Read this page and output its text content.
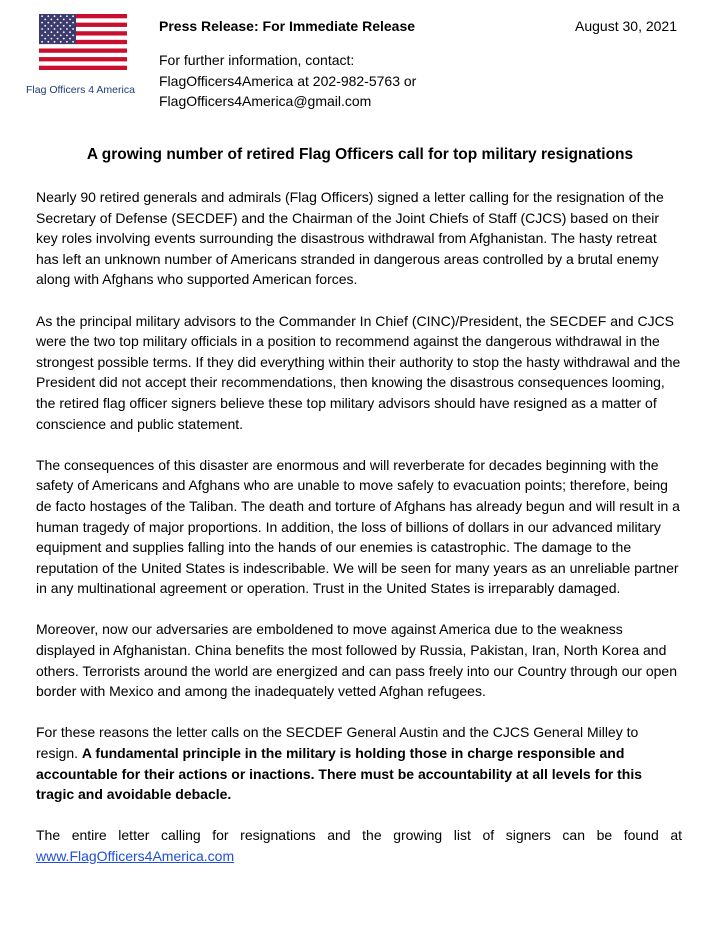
Flag Officers 4 America
Press Release: For Immediate Release	August 30, 2021
For further information, contact:
FlagOfficers4America at 202-982-5763 or
FlagOfficers4America@gmail.com
A growing number of retired Flag Officers call for top military resignations

Nearly 90 retired generals and admirals (Flag Officers) signed a letter calling for the resignation of the Secretary of Defense (SECDEF) and the Chairman of the Joint Chiefs of Staff (CJCS) based on their key roles involving events surrounding the disastrous withdrawal from Afghanistan. The hasty retreat has left an unknown number of Americans stranded in dangerous areas controlled by a brutal enemy along with Afghans who supported American forces.

As the principal military advisors to the Commander In Chief (CINC)/President, the SECDEF and CJCS were the two top military officials in a position to recommend against the dangerous withdrawal in the strongest possible terms. If they did everything within their authority to stop the hasty withdrawal and the President did not accept their recommendations, then knowing the disastrous consequences looming, the retired flag officer signers believe these top military advisors should have resigned as a matter of conscience and public statement.

The consequences of this disaster are enormous and will reverberate for decades beginning with the safety of Americans and Afghans who are unable to move safely to evacuation points; therefore, being de facto hostages of the Taliban. The death and torture of Afghans has already begun and will result in a human tragedy of major proportions. In addition, the loss of billions of dollars in our advanced military equipment and supplies falling into the hands of our enemies is catastrophic. The damage to the reputation of the United States is indescribable. We will be seen for many years as an unreliable partner in any multinational agreement or operation. Trust in the United States is irreparably damaged.

Moreover, now our adversaries are emboldened to move against America due to the weakness displayed in Afghanistan. China benefits the most followed by Russia, Pakistan, Iran, North Korea and others. Terrorists around the world are energized and can pass freely into our Country through our open border with Mexico and among the inadequately vetted Afghan refugees.

For these reasons the letter calls on the SECDEF General Austin and the CJCS General Milley to resign. A fundamental principle in the military is holding those in charge responsible and accountable for their actions or inactions. There must be accountability at all levels for this tragic and avoidable debacle.

The entire letter calling for resignations and the growing list of signers can be found at www.FlagOfficers4America.com
